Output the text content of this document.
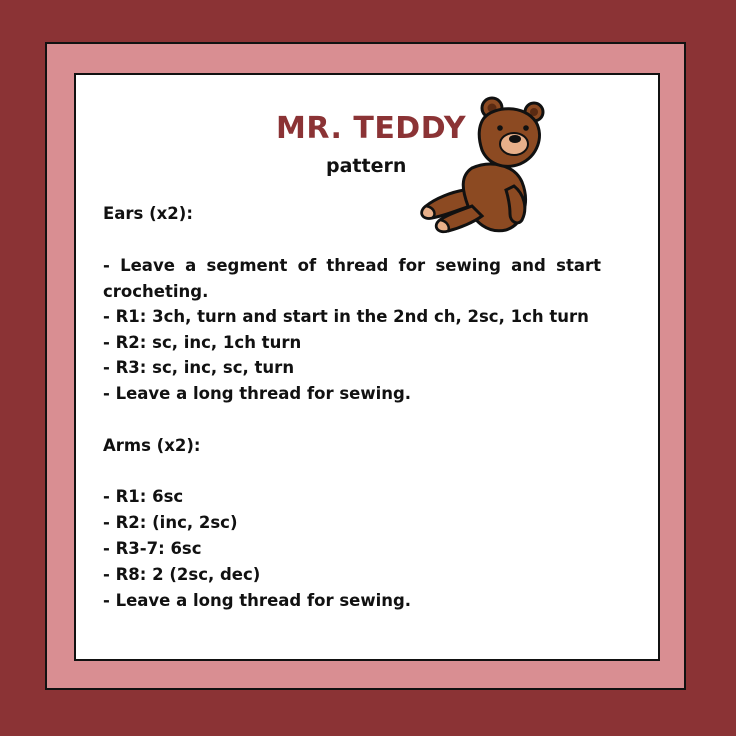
MR. TEDDY
pattern
Ears (x2):
- Leave a segment of thread for sewing and start
crocheting.
- R1: 3ch, turn and start in the 2nd ch, 2sc, 1ch turn
- R2: sc, inc, 1ch turn
- R3: sc, inc, sc, turn
- Leave a long thread for sewing.
Arms (x2):
- R1: 6sc
- R2: (inc, 2sc)
- R3-7: 6sc
- R8: 2 (2sc, dec)
- Leave a long thread for sewing.
